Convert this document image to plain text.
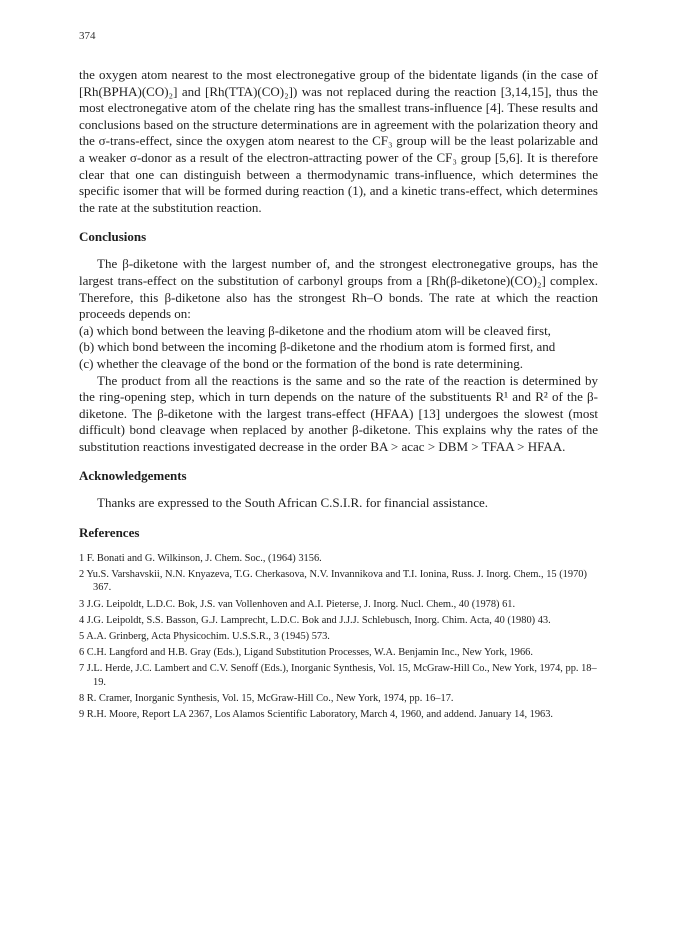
374

the oxygen atom nearest to the most electronegative group of the bidentate ligands (in the case of [Rh(BPHA)(CO)₂] and [Rh(TTA)(CO)₂]) was not replaced during the reaction [3,14,15], thus the most electronegative atom of the chelate ring has the smallest trans-influence [4]. These results and conclusions based on the structure determinations are in agreement with the polarization theory and the σ-trans-effect, since the oxygen atom nearest to the CF₃ group will be the least polarizable and a weaker σ-donor as a result of the electron-attracting power of the CF₃ group [5,6]. It is therefore clear that one can distinguish between a thermodynamic trans-influence, which determines the specific isomer that will be formed during reaction (1), and a kinetic trans-effect, which determines the rate at the substitution reaction.

Conclusions

The β-diketone with the largest number of, and the strongest electronegative groups, has the largest trans-effect on the substitution of carbonyl groups from a [Rh(β-diketone)(CO)₂] complex. Therefore, this β-diketone also has the strongest Rh–O bonds. The rate at which the reaction proceeds depends on:

(a) which bond between the leaving β-diketone and the rhodium atom will be cleaved first,
(b) which bond between the incoming β-diketone and the rhodium atom is formed first, and
(c) whether the cleavage of the bond or the formation of the bond is rate determining.

The product from all the reactions is the same and so the rate of the reaction is determined by the ring-opening step, which in turn depends on the nature of the substituents R¹ and R² of the β-diketone. The β-diketone with the largest trans-effect (HFAA) [13] undergoes the slowest (most difficult) bond cleavage when replaced by another β-diketone. This explains why the rates of the substitution reactions investigated decrease in the order BA > acac > DBM > TFAA > HFAA.

Acknowledgements

Thanks are expressed to the South African C.S.I.R. for financial assistance.

References
1 F. Bonati and G. Wilkinson, J. Chem. Soc., (1964) 3156.
2 Yu.S. Varshavskii, N.N. Knyazeva, T.G. Cherkasova, N.V. Invannikova and T.I. Ionina, Russ. J. Inorg. Chem., 15 (1970) 367.
3 J.G. Leipoldt, L.D.C. Bok, J.S. van Vollenhoven and A.I. Pieterse, J. Inorg. Nucl. Chem., 40 (1978) 61.
4 J.G. Leipoldt, S.S. Basson, G.J. Lamprecht, L.D.C. Bok and J.J.J. Schlebusch, Inorg. Chim. Acta, 40 (1980) 43.
5 A.A. Grinberg, Acta Physicochim. U.S.S.R., 3 (1945) 573.
6 C.H. Langford and H.B. Gray (Eds.), Ligand Substitution Processes, W.A. Benjamin Inc., New York, 1966.
7 J.L. Herde, J.C. Lambert and C.V. Senoff (Eds.), Inorganic Synthesis, Vol. 15, McGraw-Hill Co., New York, 1974, pp. 18–19.
8 R. Cramer, Inorganic Synthesis, Vol. 15, McGraw-Hill Co., New York, 1974, pp. 16–17.
9 R.H. Moore, Report LA 2367, Los Alamos Scientific Laboratory, March 4, 1960, and addend. January 14, 1963.
